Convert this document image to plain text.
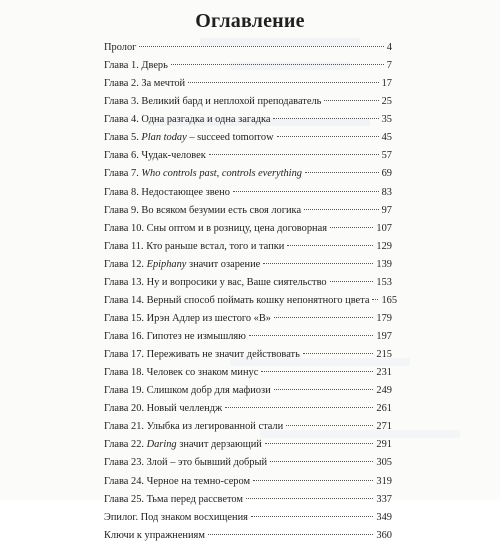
Оглавление
Пролог	4
Глава 1. Дверь	7
Глава 2. За мечтой	17
Глава 3. Великий бард и неплохой преподаватель	25
Глава 4. Одна разгадка и одна загадка	35
Глава 5. Plan today – succeed tomorrow	45
Глава 6. Чудак-человек	57
Глава 7. Who controls past, controls everything	69
Глава 8. Недостающее звено	83
Глава 9. Во всяком безумии есть своя логика	97
Глава 10. Сны оптом и в розницу, цена договорная	107
Глава 11. Кто раньше встал, того и тапки	129
Глава 12. Epiphany значит озарение	139
Глава 13. Ну и вопросики у вас, Ваше сиятельство	153
Глава 14. Верный способ поймать кошку непонятного цвета 165
Глава 15. Ирэн Адлер из шестого «В»	179
Глава 16. Гипотез не измышляю	197
Глава 17. Переживать не значит действовать	215
Глава 18. Человек со знаком минус	231
Глава 19. Слишком добр для мафиози	249
Глава 20. Новый челлендж	261
Глава 21. Улыбка из легированной стали	271
Глава 22. Daring значит дерзающий	291
Глава 23. Злой – это бывший добрый	305
Глава 24. Черное на темно-сером	319
Глава 25. Тьма перед рассветом	337
Эпилог. Под знаком восхищения	349
Ключи к упражнениям	360
